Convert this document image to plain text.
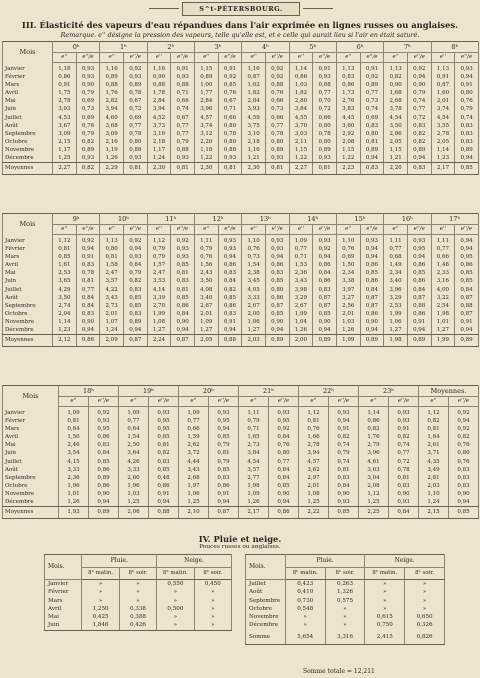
S^t-PÉTERSBOURG.
III. Élasticité des vapeurs d'eau répandues dans l'air exprimée en lignes russes ou anglaises.
Remarque. e'' désigne la pression des vapeurs, telle qu'elle est, et e celle qui aurait lieu si l'air en était saturé.
Mois	0ʰ		1ʰ		2ʰ		3ʰ		4ʰ		5ʰ		6ʰ		7ʰ		8ʰ	
	e''	e''/e	e''	e''/e	e''	e''/e	e''	e''/e	e''	e''/e	e''	e''/e	e''	e''/e	e''	e''/e	e''	e''/e
Janvier	1,18	0,93	1,16	0,92	1,16	0,91	1,15	0,91	1,16	0,92	1,14	0,91	1,13	0,91	1,13	0,92	1,13	0,93
Février	0,86	0,93	0,89	0,93	0,90	0,93	0,89	0,92	0,87	0,92	0,86	0,93	0,83	0,92	0,82	0,94	0,91	0,94
Mars	0,91	0,90	0,88	0,89	0,88	0,88	1,00	0,85	1,02	0,88	1,03	0,88	0,86	0,89	0,90	0,90	0,87	0,91
Avril	1,75	0,79	1,76	0,78	1,78	0,71	1,77	0,76	1,82	0,76	1,82	0,77	1,73	0,77	1,68	0,79	1,60	0,80
Mai	2,78	0,69	2,82	0,67	2,84	0,66	2,84	0,67	2,84	0,66	2,80	0,70	2,76	0,73	2,68	0,74	2,01	0,76
Juin	3,93	0,73	3,94	0,72	3,94	0,74	3,96	0,71	3,93	0,73	3,84	0,72	3,83	0,74	3,78	0,77	3,74	0,79
Juillet	4,53	0,69	4,60	0,69	4,52	0,67	4,57	0,66	4,59	0,66	4,55	0,66	4,45	0,69	4,54	0,72	4,54	0,74
Août	3,67	0,76	3,68	0,77	3,73	0,77	3,74	0,80	3,75	0,77	3,70	0,80	3,60	0,83	3,50	0,83	3,55	0,83
Septembre	3,09	0,79	3,09	0,78	3,10	0,77	3,12	0,78	3,10	0,78	3,03	0,78	2,92	0,80	2,86	0,82	2,78	0,83
Octobre	2,15	0,82	2,16	0,80	2,18	0,79	2,20	0,80	2,18	0,80	2,11	0,80	2,08	0,81	2,05	0,82	2,05	0,83
Novembre	1,17	0,89	1,19	0,88	1,17	0,88	1,18	0,88	1,16	0,89	1,15	0,89	1,15	0,89	1,15	0,89	1,14	0,89
Décembre	1,25	0,93	1,26	0,93	1,24	0,93	1,22	0,93	1,21	0,93	1,22	0,93	1,22	0,94	1,21	0,94	1,23	0,94
Moyennes	2,27	0,82	2,29	0,81	2,30	0,81	2,30	0,81	2,30	0,81	2,27	0,81	2,23	0,83	2,20	0,83	2,17	0,85
Mois	9ʰ		10ʰ		11ʰ		12ʰ		13ʰ		14ʰ		15ʰ		16ʰ		17ʰ	
	e''	e''/e	e''	e''/e	e''	e''/e	e''	e''/e	e''	e''/e	e''	e''/e	e''	e''/e	e''	e''/e	e''	e''/e
Janvier	1,12	0,92	1,13	0,92	1,12	0,92	1,11	0,93	1,10	0,93	1,09	0,93	1,10	0,93	1,11	0,93	1,11	0,94
Février	0,81	0,94	0,80	0,94	0,79	0,93	0,79	0,93	0,76	0,93	0,77	0,92	0,76	0,94	0,77	0,95	0,77	0,94
Mars	0,85	0,91	0,81	0,93	0,79	0,93	0,76	0,94	0,73	0,94	0,71	0,94	0,69	0,94	0,68	0,94	0,66	0,95
Avril	1,61	0,83	1,58	0,84	1,57	0,85	1,56	0,86	1,54	0,86	1,53	0,86	1,50	0,86	1,49	0,86	1,48	0,86
Mai	2,53	0,78	2,47	0,79	2,47	0,81	2,43	0,83	2,38	0,83	2,36	0,84	2,34	0,85	2,34	0,85	2,33	0,85
Juin	3,65	0,81	3,57	0,82	3,53	0,83	3,50	0,84	3,45	0,85	3,43	0,86	3,38	0,86	3,40	0,86	3,16	0,85
Juillet	4,29	0,77	4,22	0,83	4,14	0,81	4,08	0,82	4,05	0,80	3,98	0,83	3,97	0,84	3,96	0,84	4,00	0,84
Août	3,50	0,84	3,43	0,85	3,39	0,85	3,40	0,85	3,33	0,86	3,29	0,87	3,27	0,87	3,29	0,87	3,22	0,87
Septembre	2,74	0,84	2,73	0,85	2,70	0,86	2,67	0,86	2,67	0,87	2,67	0,87	2,56	0,87	2,53	0,88	2,54	0,88
Octobre	2,04	0,83	2,01	0,83	1,99	0,84	2,01	0,83	2,00	0,85	1,99	0,85	2,01	0,86	1,99	0,86	1,98	0,87
Novembre	1,14	0,90	1,07	0,89	1,08	0,90	1,09	0,91	1,06	0,90	1,04	0,90	1,03	0,90	1,06	0,91	1,01	0,91
Décembre	1,23	0,94	1,24	0,94	1,27	0,94	1,27	0,94	1,27	0,94	1,26	0,94	1,26	0,94	1,27	0,94	1,27	0,94
Moyennes	2,12	0,86	2,09	0,87	2,24	0,87	2,05	0,88	2,03	0,89	2,00	0,89	1,99	0,89	1,98	0,89	1,99	0,89
Mois	18ʰ		19ʰ		20ʰ		21ʰ		22ʰ		23ʰ		Moyennes.	
	e''	e''/e	e''	e''/e	e''	e''/e	e''	e''/e	e''	e''/e	e''	e''/e	e''	e''/e
Janvier	1,09	0,92	1,09	0,93	1,09	0,93	1,11	0,93	1,12	0,93	1,14	0,93	1,12	0,92
Février	0,81	0,93	0,77	0,95	0,77	0,95	0,79	0,95	0,81	0,94	0,86	0,93	0,82	0,94
Mars	0,64	0,95	0,64	0,95	0,66	0,94	0,71	0,92	0,76	0,91	0,82	0,91	0,81	0,92
Avril	1,50	0,86	1,54	0,85	1,59	0,85	1,65	0,84	1,66	0,82	1,76	0,82	1,64	0,82
Mai	2,46	0,83	2,50	0,81	2,62	0,79	2,73	0,76	2,78	0,74	2,79	0,74	2,61	0,76
Juin	3,54	0,84	3,64	0,82	3,72	0,81	3,84	0,80	3,94	0,79	3,96	0,77	3,71	0,80
Juillet	4,15	0,85	4,26	0,83	4,44	0,79	4,54	0,77	4,57	0,74	4,61	0,72	4,35	0,76
Août	3,33	0,86	3,33	0,85	3,43	0,85	3,57	0,84	3,62	0,81	3,63	0,78	3,49	0,83
Septembre	2,36	0,89	2,60	0,48	2,68	0,83	2,77	0,84	2,97	0,83	3,04	0,81	2,81	0,83
Octobre	1,96	0,86	1,96	0,86	1,97	0,86	1,98	0,85	2,01	0,84	2,08	0,83	2,03	0,83
Novembre	1,01	0,90	1,03	0,91	1,06	0,91	1,09	0,90	1,08	0,90	1,12	0,90	1,10	0,90
Décembre	1,26	0,94	1,25	0,94	1,25	0,94	1,26	0,94	1,25	0,93	1,25	0,93	1,24	0,94
Moyennes	1,93	0,89	2,06	0,88	2,10	0,87	2,17	0,86	2,22	0,85	2,25	0,84	2,15	0,85
IV. Pluie et neige.
Pouces russes ou anglaises.
Mois.	Pluie.		Neige.	
	8ʰ matin.	8ʰ soir.	8ʰ matin.	8ʰ soir.
Janvier	»	»	0,550	0,450
Février	»	»	»	»
Mars	»	»	»	»
Avril	1,250	0,338	0,500	»
Mai	0,425	0,388	»	»
Juin	1,846	0,426	»	»
Mois.	Pluie.		Neige.	
	8ʰ matin.	8ʰ soir.	8ʰ matin.	8ʰ soir.
Juillet	0,423	0,263	»	»
Août	0,410	1,326	»	»
Septembre	0,730	0,575	»	»
Octobre	0,548	»	»	»
Novembre	»	»	0,615	0,650
Décembre	»	»	0,750	0,326
Somme	5,654	3,316	2,415	0,826
Somme totale = 12,211
